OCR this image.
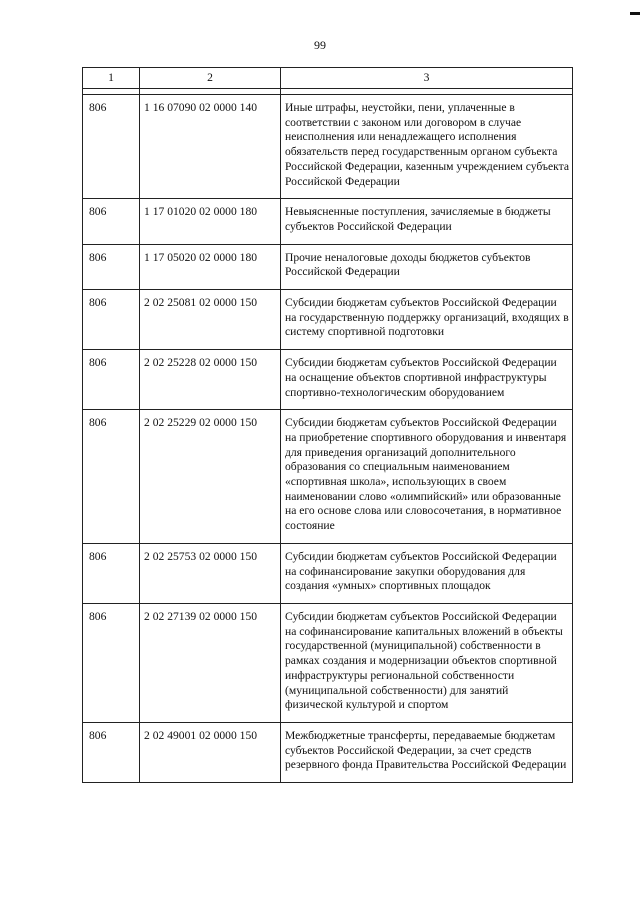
99
1	2	3

806	1 16 07090 02 0000 140	Иные штрафы, неустойки, пени, уплаченные в соответствии с законом или договором в случае неисполнения или ненадлежащего исполнения обязательств перед государственным органом субъекта Российской Федерации, казенным учреждением субъекта Российской Федерации
806	1 17 01020 02 0000 180	Невыясненные поступления, зачисляемые в бюджеты субъектов Российской Федерации
806	1 17 05020 02 0000 180	Прочие неналоговые доходы бюджетов субъектов Российской Федерации
806	2 02 25081 02 0000 150	Субсидии бюджетам субъектов Российской Федерации на государственную поддержку организаций, входящих в систему спортивной подготовки
806	2 02 25228 02 0000 150	Субсидии бюджетам субъектов Российской Федерации на оснащение объектов спортивной инфраструктуры спортивно-технологическим оборудованием
806	2 02 25229 02 0000 150	Субсидии бюджетам субъектов Российской Федерации на приобретение спортивного оборудования и инвентаря для приведения организаций дополнительного образования со специальным наименованием «спортивная школа», использующих в своем наименовании слово «олимпийский» или образованные на его основе слова или словосочетания, в нормативное состояние
806	2 02 25753 02 0000 150	Субсидии бюджетам субъектов Российской Федерации на софинансирование закупки оборудования для создания «умных» спортивных площадок
806	2 02 27139 02 0000 150	Субсидии бюджетам субъектов Российской Федерации на софинансирование капитальных вложений в объекты государственной (муниципальной) собственности в рамках создания и модернизации объектов спортивной инфраструктуры региональной собственности (муниципальной собственности) для занятий физической культурой и спортом
806	2 02 49001 02 0000 150	Межбюджетные трансферты, передаваемые бюджетам субъектов Российской Федерации, за счет средств резервного фонда Правительства Российской Федерации
